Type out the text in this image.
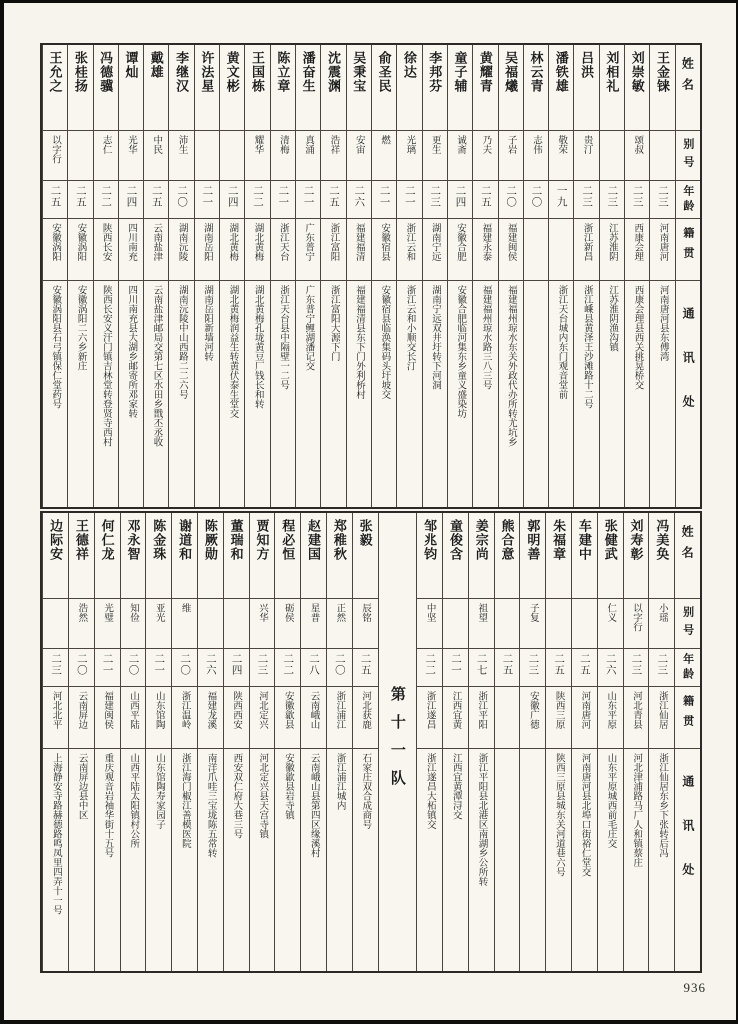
姓名
别号
年龄
籍贯
通讯处
王金铼
二三
河南唐河
河南唐河县东傅湾
刘崇敏
颂叔
二三
西康会理
西康会理县西关挑晃桥交
刘相礼
二三
江苏淮阴
江苏淮阴渔沟镇
吕洪
贵汀
二三
浙江新昌
浙江嵊县黄泽王沙滩路十二号
潘铁雄
敬荣
一九
浙江天台城内东门观音堂前
林云青
志伟
二〇
吴福爔
子岩
二〇
福建闽侯
福建福州琼水东关外政代办所转尤坑乡
黄耀青
乃夫
二五
福建永泰
福建福州琼水路三八三号
童子辅
诚斋
二四
安徽合肥
安徽合肥临河集东乡童义盛染坊
李邦芬
更生
二三
湖南宁远
湖南宁远双井圩转下河洞
徐达
光璃
二一
浙江云和
浙江云和小顺交长汀
俞圣民
燃
二一
安徽宿县
安徽宿县临涣集码头圩坡交
吴秉宝
安宙
二六
福建福清
福建福清县东下门外利桥村
沈震渊
浩祥
二五
浙江富阳
浙江富阳大源下门
潘奋生
真涌
二一
广东普宁
广东普宁鲤湖潘记交
陈立章
清梅
二一
浙江天台
浙江天台县中隔壁一二号
王国栋
耀华
二二
湖北黄梅
湖北黄梅孔垅黄豆厂钱长和转
黄文彬
二四
湖北黄梅
湖北黄梅润益生转黄伏泰生堂交
许法星
二一
湖南岳阳
湖南岳阳新墙河转
李继汉
沛生
二〇
湖南沅陵
湖南沅陵中山西路二二六号
戴雄
中民
二五
云南盐津
云南盐津邮局交第七区水田乡戬丕丞收
谭灿
光华
二四
四川南充
四川南充县大湖乡邮寄所邓家转
冯德骥
志仁
二二
陕西长安
陕西长安义汗门镇吉林堂转登贤寺西村
张桂扬
二五
安徽涡阳
安徽涡阳二六乡新庄
王允之
以字行
二五
安徽涡阳
安徽涡阳县石弓镇保仁堂药号
姓名
别号
年龄
籍贯
通讯处
冯美奂
小瑶
二三
浙江仙居
浙江仙居东乡下张转后冯
刘寿彰
以字行
二三
河北青县
河北津浦路马厂人和镇蔡庄
张健武
仁义
二六
山东平原
山东平原城西前毛庄交
车建中
二五
河南唐河
河南唐河县北埠口街裕仁堂交
朱福章
二五
陕西三原
陕西三原县城东关河道巷六号
郭明善
子复
二三
安徽广德
熊合意
二五
姜宗尚
祖望
二七
浙江平阳
浙江平阳县北港区南湖乡公所转
童俊含
二一
江西宜黄
江西宜黄潭浔交
邹兆钧
中坚
二二
浙江遂昌
浙江遂昌大柘镇交
第十一队
张毅
辰铭
二五
河北获鹿
石家庄双合成商号
郑稚秋
正然
二〇
浙江浦江
浙江浦江城内
赵建国
星普
二八
云南峨山
云南峨山县第四区缘溪村
程必恒
砺侯
二二
安徽歙县
安徽歙县岩寺镇
贾知方
兴华
二三
河北定兴
河北定兴县天宫寺镇
董瑞和
二四
陕西西安
西安双仁府大巷三号
陈厥勋
二六
福建龙溪
南洋爪哇三宝垅陈五常转
谢道和
维
二〇
浙江温岭
浙江海门椒江善模医院
陈金珠
亚光
二一
山东馆陶
山东馆陶寿家园子
邓永智
知俭
二〇
山西平陆
山西平陆太阳镇村公所
何仁龙
光璧
二一
福建闽侯
重庆观音岩袖华街十五号
王德祥
浩然
二〇
云南屏边
云南屏边县中区
边际安
二三
河北北平
上海静安寺路赫德路鸣凤里四弄十一号
936
